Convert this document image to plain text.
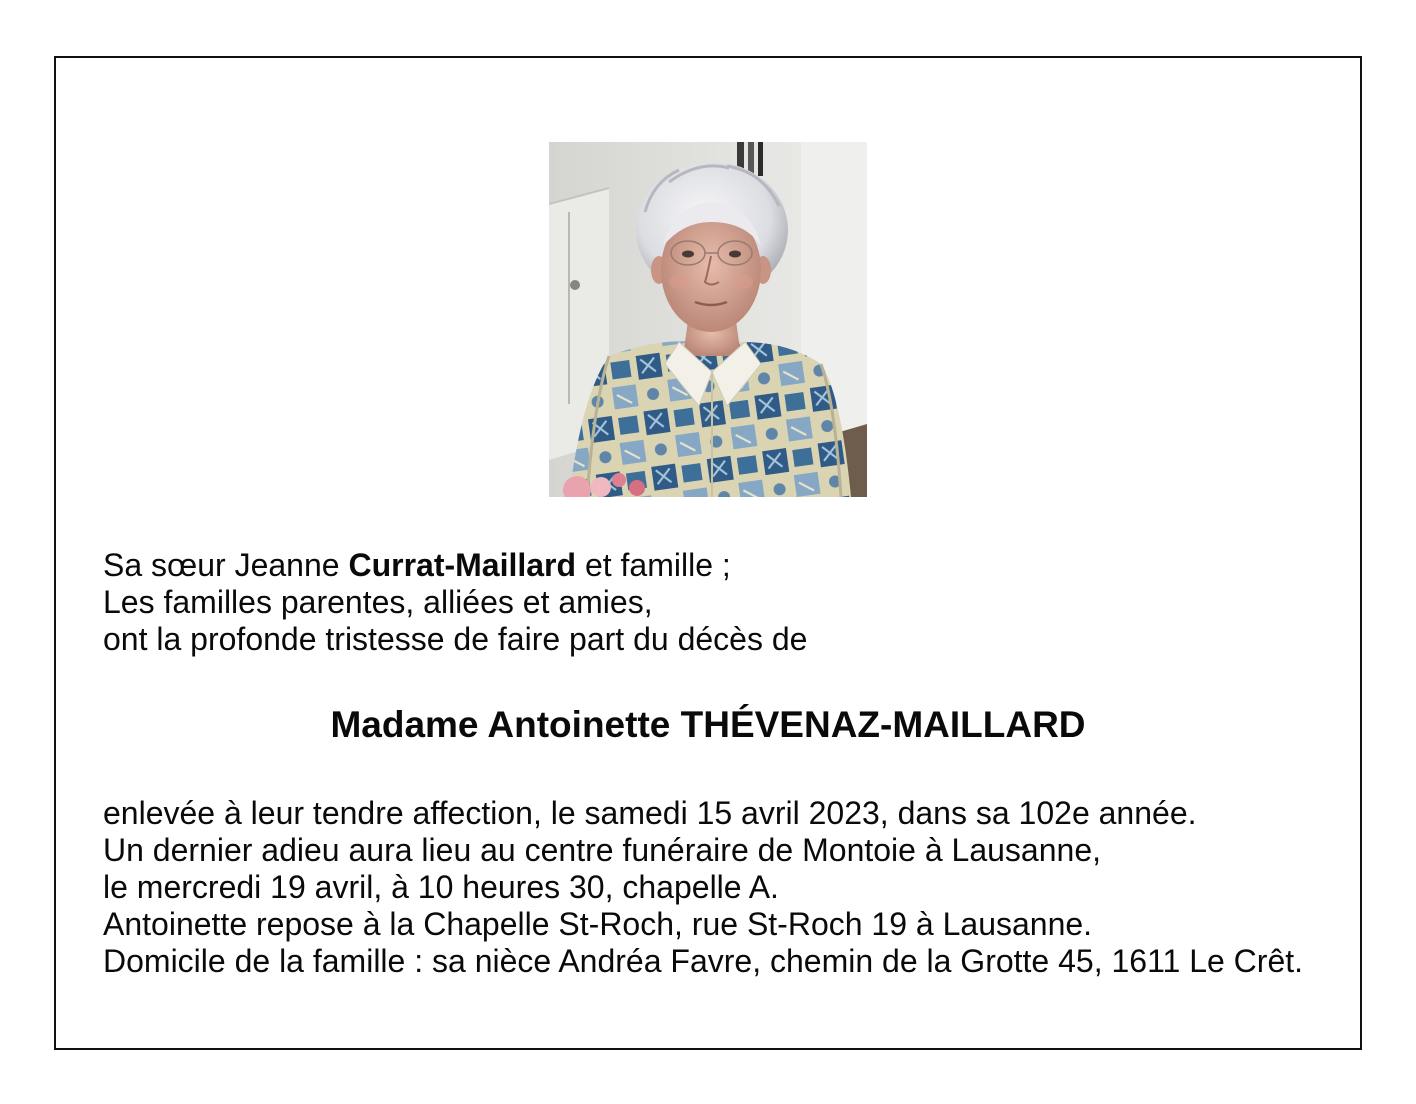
Sa sœur Jeanne Currat-Maillard et famille ;
Les familles parentes, alliées et amies,
ont la profonde tristesse de faire part du décès de
Madame Antoinette THÉVENAZ-MAILLARD
enlevée à leur tendre affection, le samedi 15 avril 2023, dans sa 102e année.
Un dernier adieu aura lieu au centre funéraire de Montoie à Lausanne,
le mercredi 19 avril, à 10 heures 30, chapelle A.
Antoinette repose à la Chapelle St-Roch, rue St-Roch 19 à Lausanne.
Domicile de la famille : sa nièce Andréa Favre, chemin de la Grotte 45, 1611 Le Crêt.
